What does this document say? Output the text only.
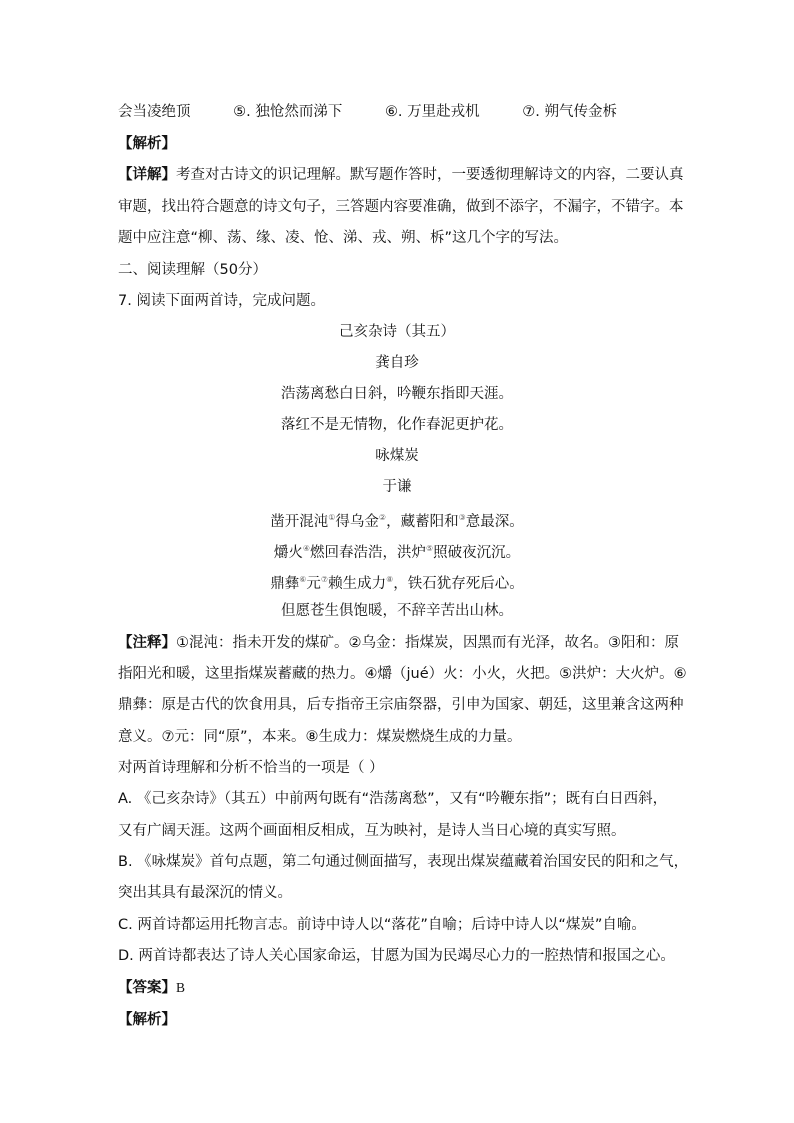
会当凌绝顶	⑤. 独怆然而涕下	⑥. 万里赴戎机	⑦. 朔气传金柝
【解析】
【详解】考查对古诗文的识记理解。默写题作答时，一要透彻理解诗文的内容，二要认真
审题，找出符合题意的诗文句子，三答题内容要准确，做到不添字，不漏字，不错字。本
题中应注意“柳、荡、缘、凌、怆、涕、戎、朔、柝”这几个字的写法。
二、阅读理解（50分）
7. 阅读下面两首诗，完成问题。
己亥杂诗（其五）
龚自珍
浩荡离愁白日斜，吟鞭东指即天涯。
落红不是无情物，化作春泥更护花。
咏煤炭
于谦
凿开混沌①得乌金②，藏蓄阳和③意最深。
爝火④燃回春浩浩，洪炉⑤照破夜沉沉。
鼎彝⑥元⑦赖生成力⑧，铁石犹存死后心。
但愿苍生俱饱暖，不辞辛苦出山林。
【注释】①混沌：指未开发的煤矿。②乌金：指煤炭，因黑而有光泽，故名。③阳和：原
指阳光和暖，这里指煤炭蓄藏的热力。④爝（jué）火：小火，火把。⑤洪炉：大火炉。⑥
鼎彝：原是古代的饮食用具，后专指帝王宗庙祭器，引申为国家、朝廷，这里兼含这两种
意义。⑦元：同“原”，本来。⑧生成力：煤炭燃烧生成的力量。
对两首诗理解和分析不恰当的一项是（ ）
A. 《己亥杂诗》（其五）中前两句既有“浩荡离愁”，又有“吟鞭东指”；既有白日西斜，
又有广阔天涯。这两个画面相反相成，互为映衬，是诗人当日心境的真实写照。
B. 《咏煤炭》首句点题，第二句通过侧面描写，表现出煤炭蕴藏着治国安民的阳和之气，
突出其具有最深沉的情义。
C. 两首诗都运用托物言志。前诗中诗人以“落花”自喻；后诗中诗人以“煤炭”自喻。
D. 两首诗都表达了诗人关心国家命运，甘愿为国为民竭尽心力的一腔热情和报国之心。
【答案】B
【解析】
